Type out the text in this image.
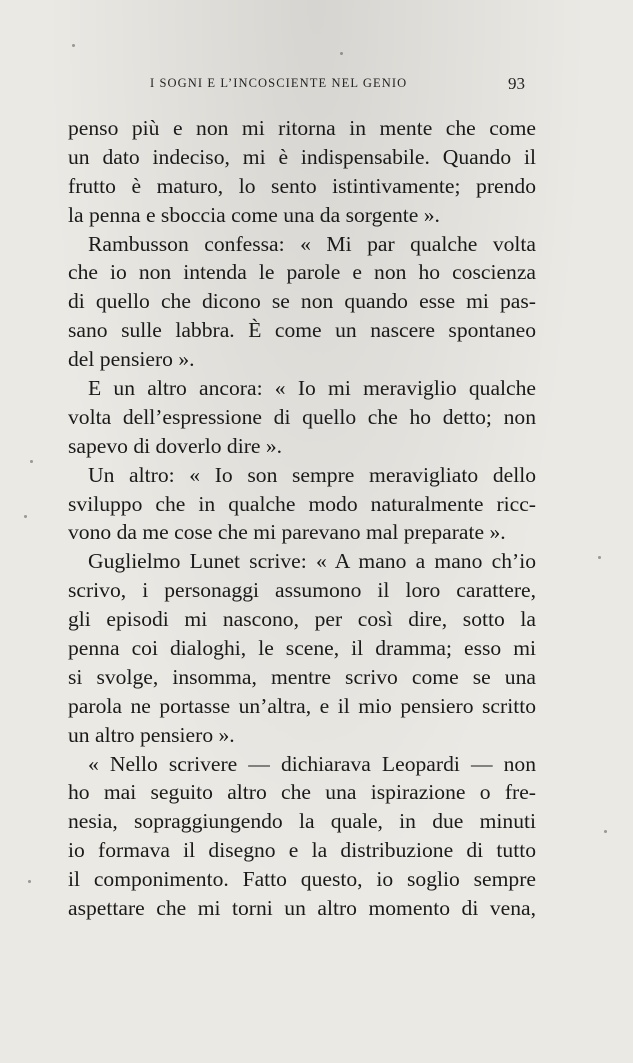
I SOGNI E L’INCOSCIENTE NEL GENIO	93
penso più e non mi ritorna in mente che come
un dato indeciso, mi è indispensabile. Quando il
frutto è maturo, lo sento istintivamente; prendo
la penna e sboccia come una da sorgente ».
Rambusson confessa: « Mi par qualche volta
che io non intenda le parole e non ho coscienza
di quello che dicono se non quando esse mi pas-
sano sulle labbra. È come un nascere spontaneo
del pensiero ».
E un altro ancora: « Io mi meraviglio qualche
volta dell’espressione di quello che ho detto; non
sapevo di doverlo dire ».
Un altro: « Io son sempre meravigliato dello
sviluppo che in qualche modo naturalmente ricc-
vono da me cose che mi parevano mal preparate ».
Guglielmo Lunet scrive: « A mano a mano ch’io
scrivo, i personaggi assumono il loro carattere,
gli episodi mi nascono, per così dire, sotto la
penna coi dialoghi, le scene, il dramma; esso mi
si svolge, insomma, mentre scrivo come se una
parola ne portasse un’altra, e il mio pensiero scritto
un altro pensiero ».
« Nello scrivere — dichiarava Leopardi — non
ho mai seguito altro che una ispirazione o fre-
nesia, sopraggiungendo la quale, in due minuti
io formava il disegno e la distribuzione di tutto
il componimento. Fatto questo, io soglio sempre
aspettare che mi torni un altro momento di vena,
